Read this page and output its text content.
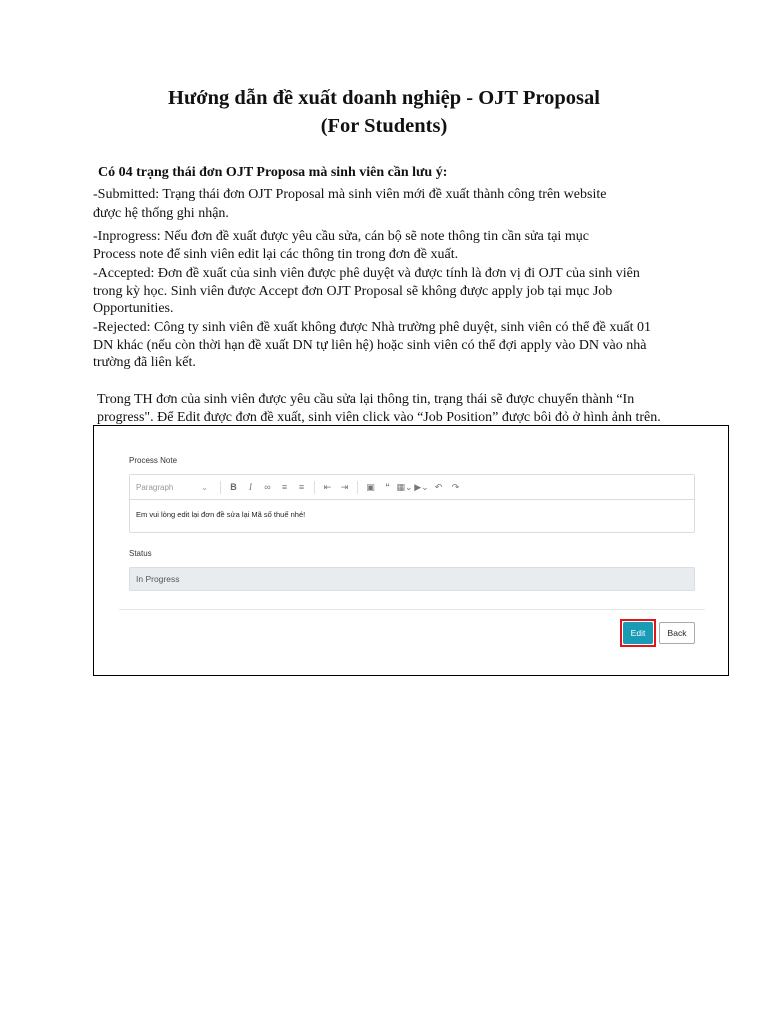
Hướng dẫn đề xuất doanh nghiệp - OJT Proposal
(For Students)

Có 04 trạng thái đơn OJT Proposa mà sinh viên cần lưu ý:

-Submitted: Trạng thái đơn OJT Proposal mà sinh viên mới đề xuất thành công trên website

được hệ thống ghi nhận.

-Inprogress: Nếu đơn đề xuất được yêu cầu sửa, cán bộ sẽ note thông tin cần sửa tại mục

Process note để sinh viên edit lại các thông tin trong đơn đề xuất.

-Accepted: Đơn đề xuất của sinh viên được phê duyệt và được tính là đơn vị đi OJT của sinh viên

trong kỳ học. Sinh viên được Accept đơn OJT Proposal sẽ không được apply job tại mục Job

Opportunities.

-Rejected: Công ty sinh viên đề xuất không được Nhà trường phê duyệt, sinh viên có thể đề xuất 01

DN khác (nếu còn thời hạn đề xuất DN tự liên hệ) hoặc sinh viên có thể đợi apply vào DN vào nhà

trường đã liên kết.

Trong TH đơn của sinh viên được yêu cầu sửa lại thông tin, trạng thái sẽ được chuyển thành “In

progress". Để Edit được đơn đề xuất, sinh viên click vào “Job Position” được bôi đỏ ở hình ảnh trên.

Process Note
Paragraph	⌄	B	I	∞	≡	≡	⇤	⇥	▣	“ ▦⌄ ▶⌄ ↶	↷
Em vui lòng edit lại đơn đề sửa lại Mã số thuế nhé!
Status
In Progress
Edit	Back
